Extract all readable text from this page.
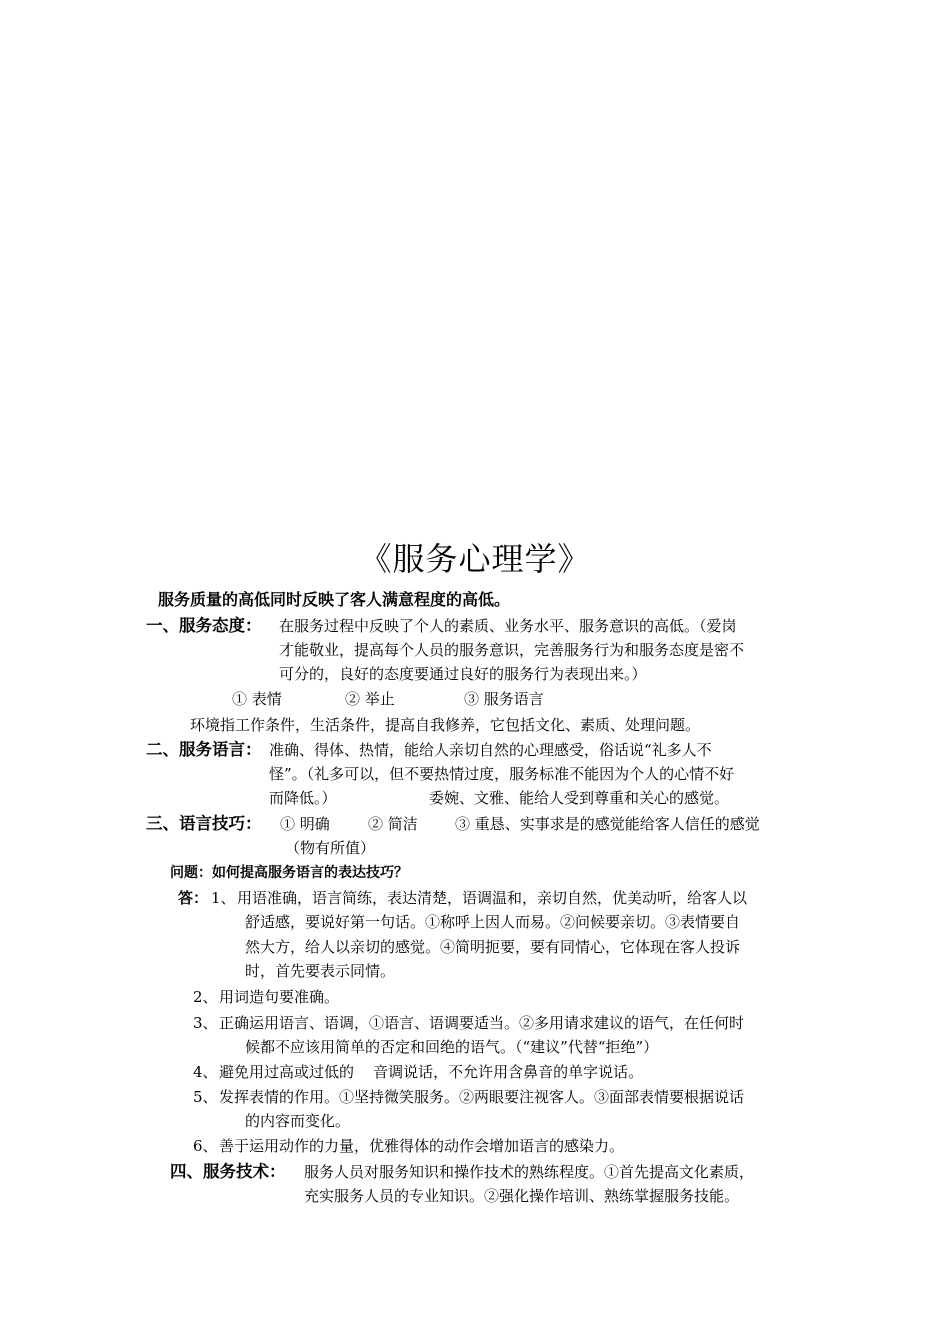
《服务心理学》
服务质量的高低同时反映了客人满意程度的高低。
一、服务态度： 在服务过程中反映了个人的素质、业务水平、服务意识的高低。（爱岗
才能敬业，提高每个人员的服务意识，完善服务行为和服务态度是密不
可分的，良好的态度要通过良好的服务行为表现出来。）
① 表情	② 举止	③ 服务语言
环境指工作条件，生活条件，提高自我修养，它包括文化、素质、处理问题。
二、服务语言： 准确、得体、热情，能给人亲切自然的心理感受，俗话说“礼多人不
怪”。（礼多可以，但不要热情过度，服务标准不能因为个人的心情不好
而降低。）	委婉、文雅、能给人受到尊重和关心的感觉。
三、语言技巧： ① 明确	② 简洁 ③ 重恳、实事求是的感觉能给客人信任的感觉
（物有所值）
问题：如何提高服务语言的表达技巧？
答： 1、 用语准确，语言简练，表达清楚，语调温和，亲切自然，优美动听，给客人以
舒适感，要说好第一句话。①称呼上因人而易。②问候要亲切。③表情要自
然大方，给人以亲切的感觉。④简明扼要，要有同情心，它体现在客人投诉
时，首先要表示同情。
2、 用词造句要准确。
3、 正确运用语言、语调，①语言、语调要适当。②多用请求建议的语气，在任何时
候都不应该用简单的否定和回绝的语气。（“建议”代替“拒绝”）
4、 避免用过高或过低的    音调说话，不允许用含鼻音的单字说话。
5、 发挥表情的作用。①坚持微笑服务。②两眼要注视客人。③面部表情要根据说话
的内容而变化。
6、 善于运用动作的力量，优雅得体的动作会增加语言的感染力。
四、服务技术： 服务人员对服务知识和操作技术的熟练程度。①首先提高文化素质，
充实服务人员的专业知识。②强化操作培训、熟练掌握服务技能。
